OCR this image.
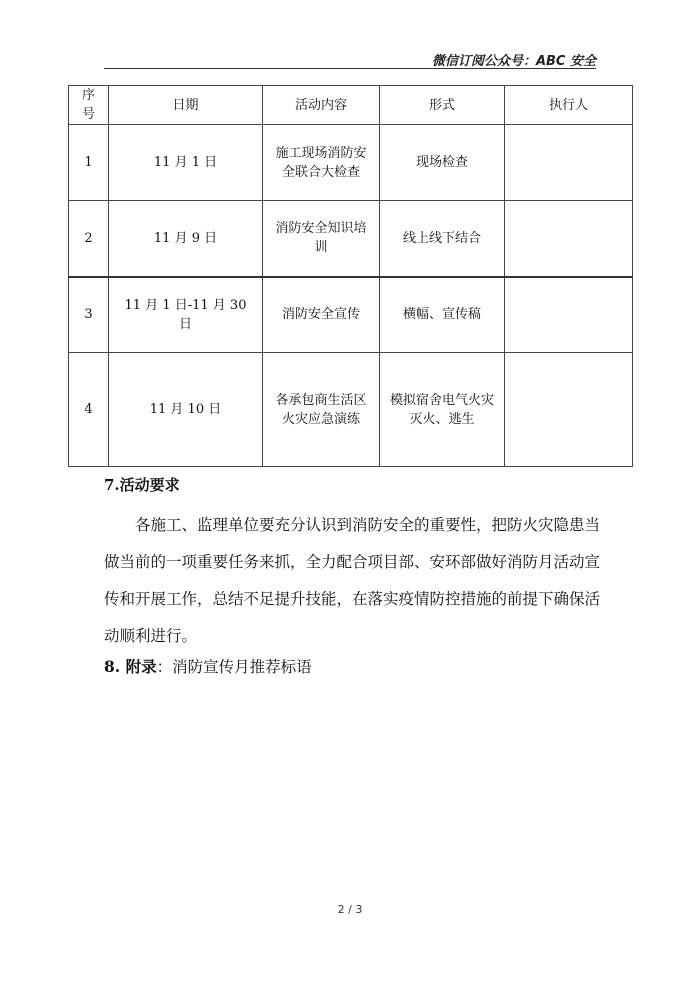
微信订阅公众号：ABC 安全
序
号	日期	活动内容	形式	执行人
1	11 月 1 日	施工现场消防安全联合大检查	现场检查	
2	11 月 9 日	消防安全知识培训	线上线下结合	
3	11 月 1 日-11 月 30 日	消防安全宣传	横幅、宣传稿	
4	11 月 10 日	各承包商生活区火灾应急演练	模拟宿舍电气火灾灭火、逃生	
7.活动要求

各施工、监理单位要充分认识到消防安全的重要性，把防火灾隐患当做当前的一项重要任务来抓，全力配合项目部、安环部做好消防月活动宣传和开展工作，总结不足提升技能，在落实疫情防控措施的前提下确保活动顺利进行。

8. 附录：消防宣传月推荐标语
2 / 3
